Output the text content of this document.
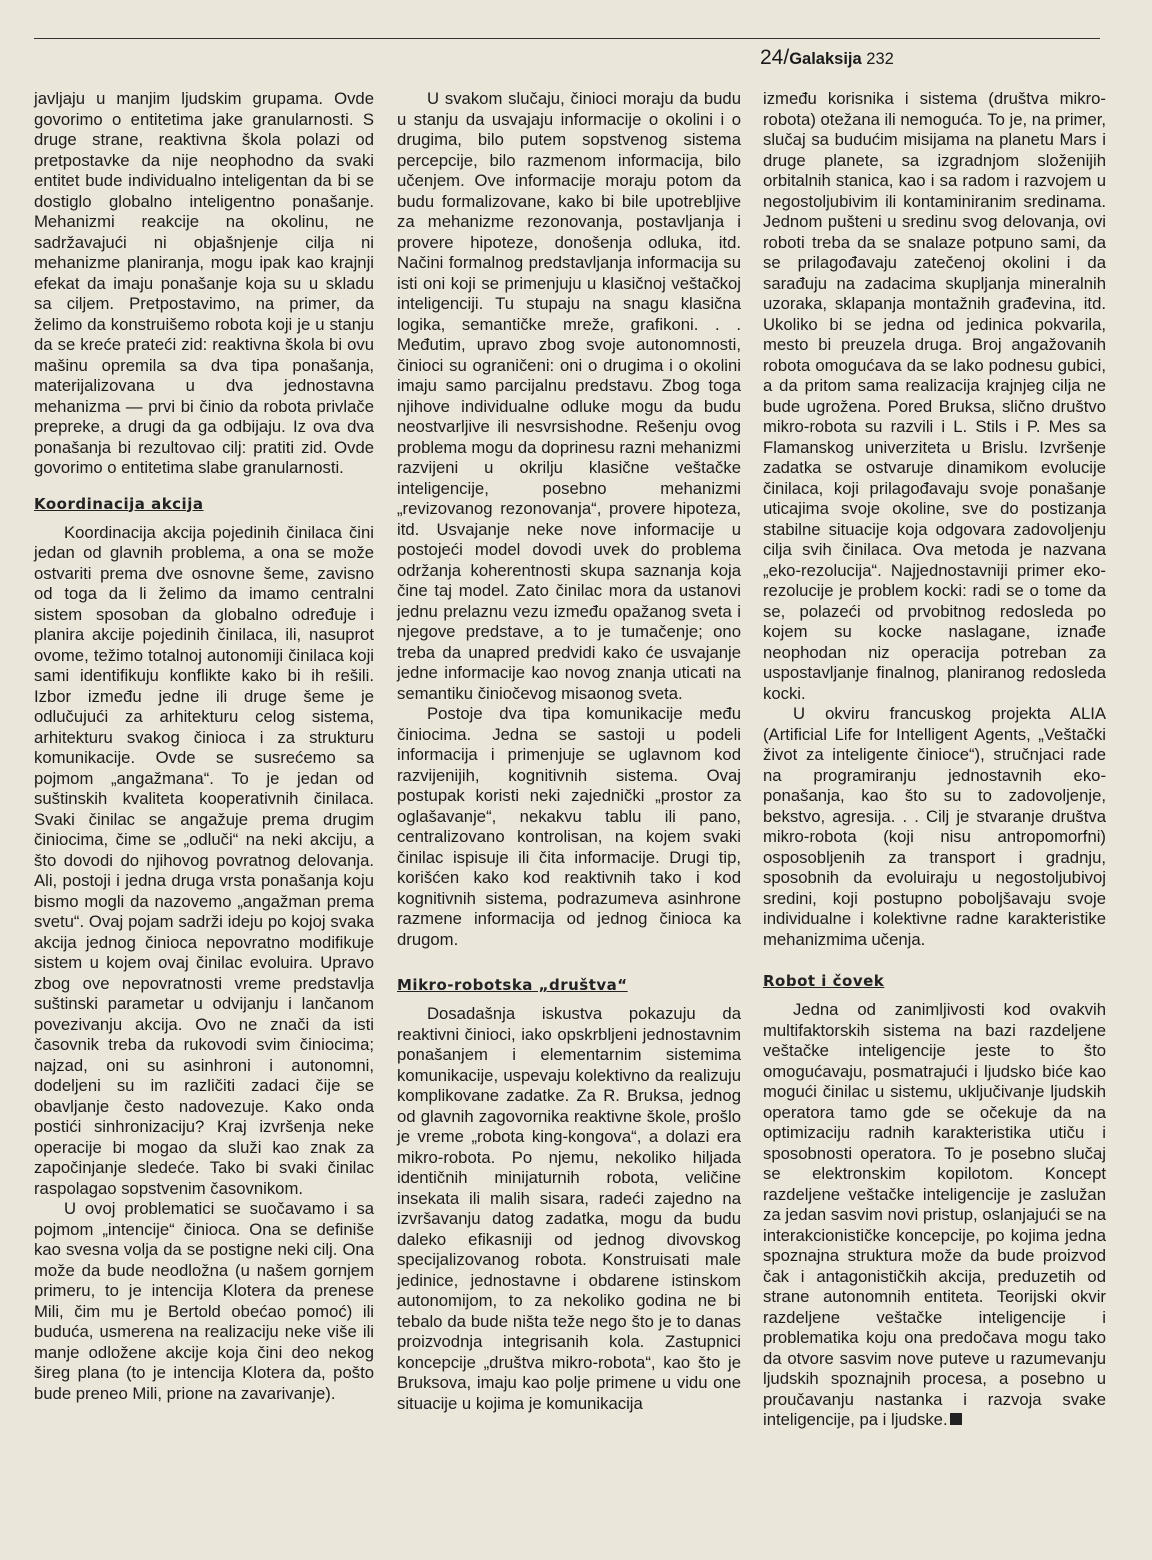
24/Galaksija 232

javljaju u manjim ljudskim grupama. Ovde govorimo o entitetima jake granularnosti. S druge strane, reaktivna škola polazi od pretpostavke da nije neophodno da svaki entitet bude individualno inteligentan da bi se dostiglo globalno inteligentno ponašanje. Mehanizmi reakcije na okolinu, ne sadržavajući ni objašnjenje cilja ni mehanizme planiranja, mogu ipak kao krajnji efekat da imaju ponašanje koja su u skladu sa ciljem. Pretpostavimo, na primer, da želimo da konstruišemo robota koji je u stanju da se kreće prateći zid: reaktivna škola bi ovu mašinu opremila sa dva tipa ponašanja, materijalizovana u dva jednostavna mehanizma — prvi bi činio da robota privlače prepreke, a drugi da ga odbijaju. Iz ova dva ponašanja bi rezultovao cilj: pratiti zid. Ovde govorimo o entitetima slabe granularnosti.

Koordinacija akcija

Koordinacija akcija pojedinih činilaca čini jedan od glavnih problema, a ona se može ostvariti prema dve osnovne šeme, zavisno od toga da li želimo da imamo centralni sistem sposoban da globalno određuje i planira akcije pojedinih činilaca, ili, nasuprot ovome, težimo totalnoj autonomiji činilaca koji sami identifikuju konflikte kako bi ih rešili. Izbor između jedne ili druge šeme je odlučujući za arhitekturu celog sistema, arhitekturu svakog činioca i za strukturu komunikacije. Ovde se susrećemo sa pojmom „angažmana“. To je jedan od suštinskih kvaliteta kooperativnih činilaca. Svaki činilac se angažuje prema drugim činiocima, čime se „odluči“ na neki akciju, a što dovodi do njihovog povratnog delovanja. Ali, postoji i jedna druga vrsta ponašanja koju bismo mogli da nazovemo „angažman prema svetu“. Ovaj pojam sadrži ideju po kojoj svaka akcija jednog činioca nepovratno modifikuje sistem u kojem ovaj činilac evoluira. Upravo zbog ove nepovratnosti vreme predstavlja suštinski parametar u odvijanju i lančanom povezivanju akcija. Ovo ne znači da isti časovnik treba da rukovodi svim činiocima; najzad, oni su asinhroni i autonomni, dodeljeni su im različiti zadaci čije se obavljanje često nadovezuje. Kako onda postići sinhronizaciju? Kraj izvršenja neke operacije bi mogao da služi kao znak za započinjanje sledeće. Tako bi svaki činilac raspolagao sopstvenim časovnikom.

U ovoj problematici se suočavamo i sa pojmom „intencije“ činioca. Ona se definiše kao svesna volja da se postigne neki cilj. Ona može da bude neodložna (u našem gornjem primeru, to je intencija Klotera da prenese Mili, čim mu je Bertold obećao pomoć) ili buduća, usmerena na realizaciju neke više ili manje odložene akcije koja čini deo nekog šireg plana (to je intencija Klotera da, pošto bude preneo Mili, prione na zavarivanje).

U svakom slučaju, činioci moraju da budu u stanju da usvajaju informacije o okolini i o drugima, bilo putem sopstvenog sistema percepcije, bilo razmenom informacija, bilo učenjem. Ove informacije moraju potom da budu formalizovane, kako bi bile upotrebljive za mehanizme rezonovanja, postavljanja i provere hipoteze, donošenja odluka, itd. Načini formalnog predstavljanja informacija su isti oni koji se primenjuju u klasičnoj veštačkoj inteligenciji. Tu stupaju na snagu klasična logika, semantičke mreže, grafikoni. . . Međutim, upravo zbog svoje autonomnosti, činioci su ograničeni: oni o drugima i o okolini imaju samo parcijalnu predstavu. Zbog toga njihove individualne odluke mogu da budu neostvarljive ili nesvrsishodne. Rešenju ovog problema mogu da doprinesu razni mehanizmi razvijeni u okrilju klasične veštačke inteligencije, posebno mehanizmi „revizovanog rezonovanja“, provere hipoteza, itd. Usvajanje neke nove informacije u postojeći model dovodi uvek do problema održanja koherentnosti skupa saznanja koja čine taj model. Zato činilac mora da ustanovi jednu prelaznu vezu između opažanog sveta i njegove predstave, a to je tumačenje; ono treba da unapred predvidi kako će usvajanje jedne informacije kao novog znanja uticati na semantiku činiočevog misaonog sveta.

Postoje dva tipa komunikacije među činiocima. Jedna se sastoji u podeli informacija i primenjuje se uglavnom kod razvijenijih, kognitivnih sistema. Ovaj postupak koristi neki zajednički „prostor za oglašavanje“, nekakvu tablu ili pano, centralizovano kontrolisan, na kojem svaki činilac ispisuje ili čita informacije. Drugi tip, korišćen kako kod reaktivnih tako i kod kognitivnih sistema, podrazumeva asinhrone razmene informacija od jednog činioca ka drugom.

Mikro-robotska „društva“

Dosadašnja iskustva pokazuju da reaktivni činioci, iako opskrbljeni jednostavnim ponašanjem i elementarnim sistemima komunikacije, uspevaju kolektivno da realizuju komplikovane zadatke. Za R. Bruksa, jednog od glavnih zagovornika reaktivne škole, prošlo je vreme „robota king-kongova“, a dolazi era mikro-robota. Po njemu, nekoliko hiljada identičnih minijaturnih robota, veličine insekata ili malih sisara, radeći zajedno na izvršavanju datog zadatka, mogu da budu daleko efikasniji od jednog divovskog specijalizovanog robota. Konstruisati male jedinice, jednostavne i obdarene istinskom autonomijom, to za nekoliko godina ne bi tebalo da bude ništa teže nego što je to danas proizvodnja integrisanih kola. Zastupnici koncepcije „društva mikro-robota“, kao što je Bruksova, imaju kao polje primene u vidu one situacije u kojima je komunikacija

između korisnika i sistema (društva mikro-robota) otežana ili nemoguća. To je, na primer, slučaj sa budućim misijama na planetu Mars i druge planete, sa izgradnjom složenijih orbitalnih stanica, kao i sa radom i razvojem u negostoljubivim ili kontaminiranim sredinama. Jednom pušteni u sredinu svog delovanja, ovi roboti treba da se snalaze potpuno sami, da se prilagođavaju zatečenoj okolini i da sarađuju na zadacima skupljanja mineralnih uzoraka, sklapanja montažnih građevina, itd. Ukoliko bi se jedna od jedinica pokvarila, mesto bi preuzela druga. Broj angažovanih robota omogućava da se lako podnesu gubici, a da pritom sama realizacija krajnjeg cilja ne bude ugrožena. Pored Bruksa, slično društvo mikro-robota su razvili i L. Stils i P. Mes sa Flamanskog univerziteta u Brislu. Izvršenje zadatka se ostvaruje dinamikom evolucije činilaca, koji prilagođavaju svoje ponašanje uticajima svoje okoline, sve do postizanja stabilne situacije koja odgovara zadovoljenju cilja svih činilaca. Ova metoda je nazvana „eko-rezolucija“. Najjednostavniji primer eko-rezolucije je problem kocki: radi se o tome da se, polazeći od prvobitnog redosleda po kojem su kocke naslagane, iznađe neophodan niz operacija potreban za uspostavljanje finalnog, planiranog redosleda kocki.

U okviru francuskog projekta ALIA (Artificial Life for Intelligent Agents, „Veštački život za inteligente činioce“), stručnjaci rade na programiranju jednostavnih eko-ponašanja, kao što su to zadovoljenje, bekstvo, agresija. . . Cilj je stvaranje društva mikro-robota (koji nisu antropomorfni) osposobljenih za transport i gradnju, sposobnih da evoluiraju u negostoljubivoj sredini, koji postupno poboljšavaju svoje individualne i kolektivne radne karakteristike mehanizmima učenja.

Robot i čovek

Jedna od zanimljivosti kod ovakvih multifaktorskih sistema na bazi razdeljene veštačke inteligencije jeste to što omogućavaju, posmatrajući i ljudsko biće kao mogući činilac u sistemu, uključivanje ljudskih operatora tamo gde se očekuje da na optimizaciju radnih karakteristika utiču i sposobnosti operatora. To je posebno slučaj se elektronskim kopilotom. Koncept razdeljene veštačke inteligencije je zaslužan za jedan sasvim novi pristup, oslanjajući se na interakcionističke koncepcije, po kojima jedna spoznajna struktura može da bude proizvod čak i antagonističkih akcija, preduzetih od strane autonomnih entiteta. Teorijski okvir razdeljene veštačke inteligencije i problematika koju ona predočava mogu tako da otvore sasvim nove puteve u razumevanju ljudskih spoznajnih procesa, a posebno u proučavanju nastanka i razvoja svake inteligencije, pa i ljudske.
